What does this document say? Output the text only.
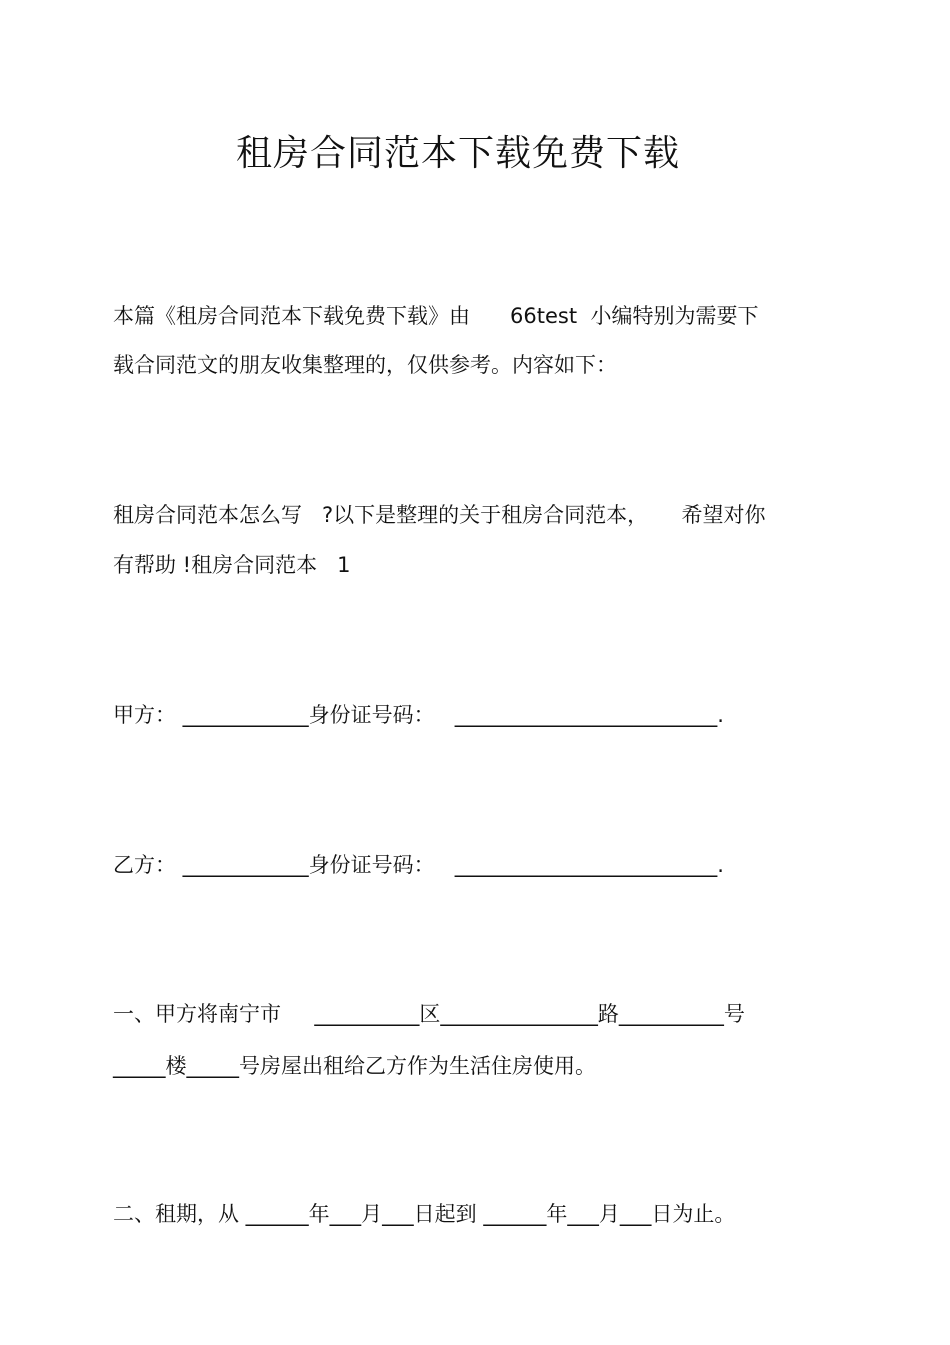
租房合同范本下载免费下载
本篇《租房合同范本下载免费下载》由      66test  小编特别为需要下
载合同范文的朋友收集整理的，仅供参考。内容如下：
租房合同范本怎么写   ?以下是整理的关于租房合同范本，     希望对你
有帮助 !租房合同范本   1
甲方： ____________身份证号码：   _________________________.
乙方： ____________身份证号码：   _________________________.
一、甲方将南宁市     __________区_______________路__________号
_____楼_____号房屋出租给乙方作为生活住房使用。
二、租期，从 ______年___月___日起到 ______年___月___日为止。
